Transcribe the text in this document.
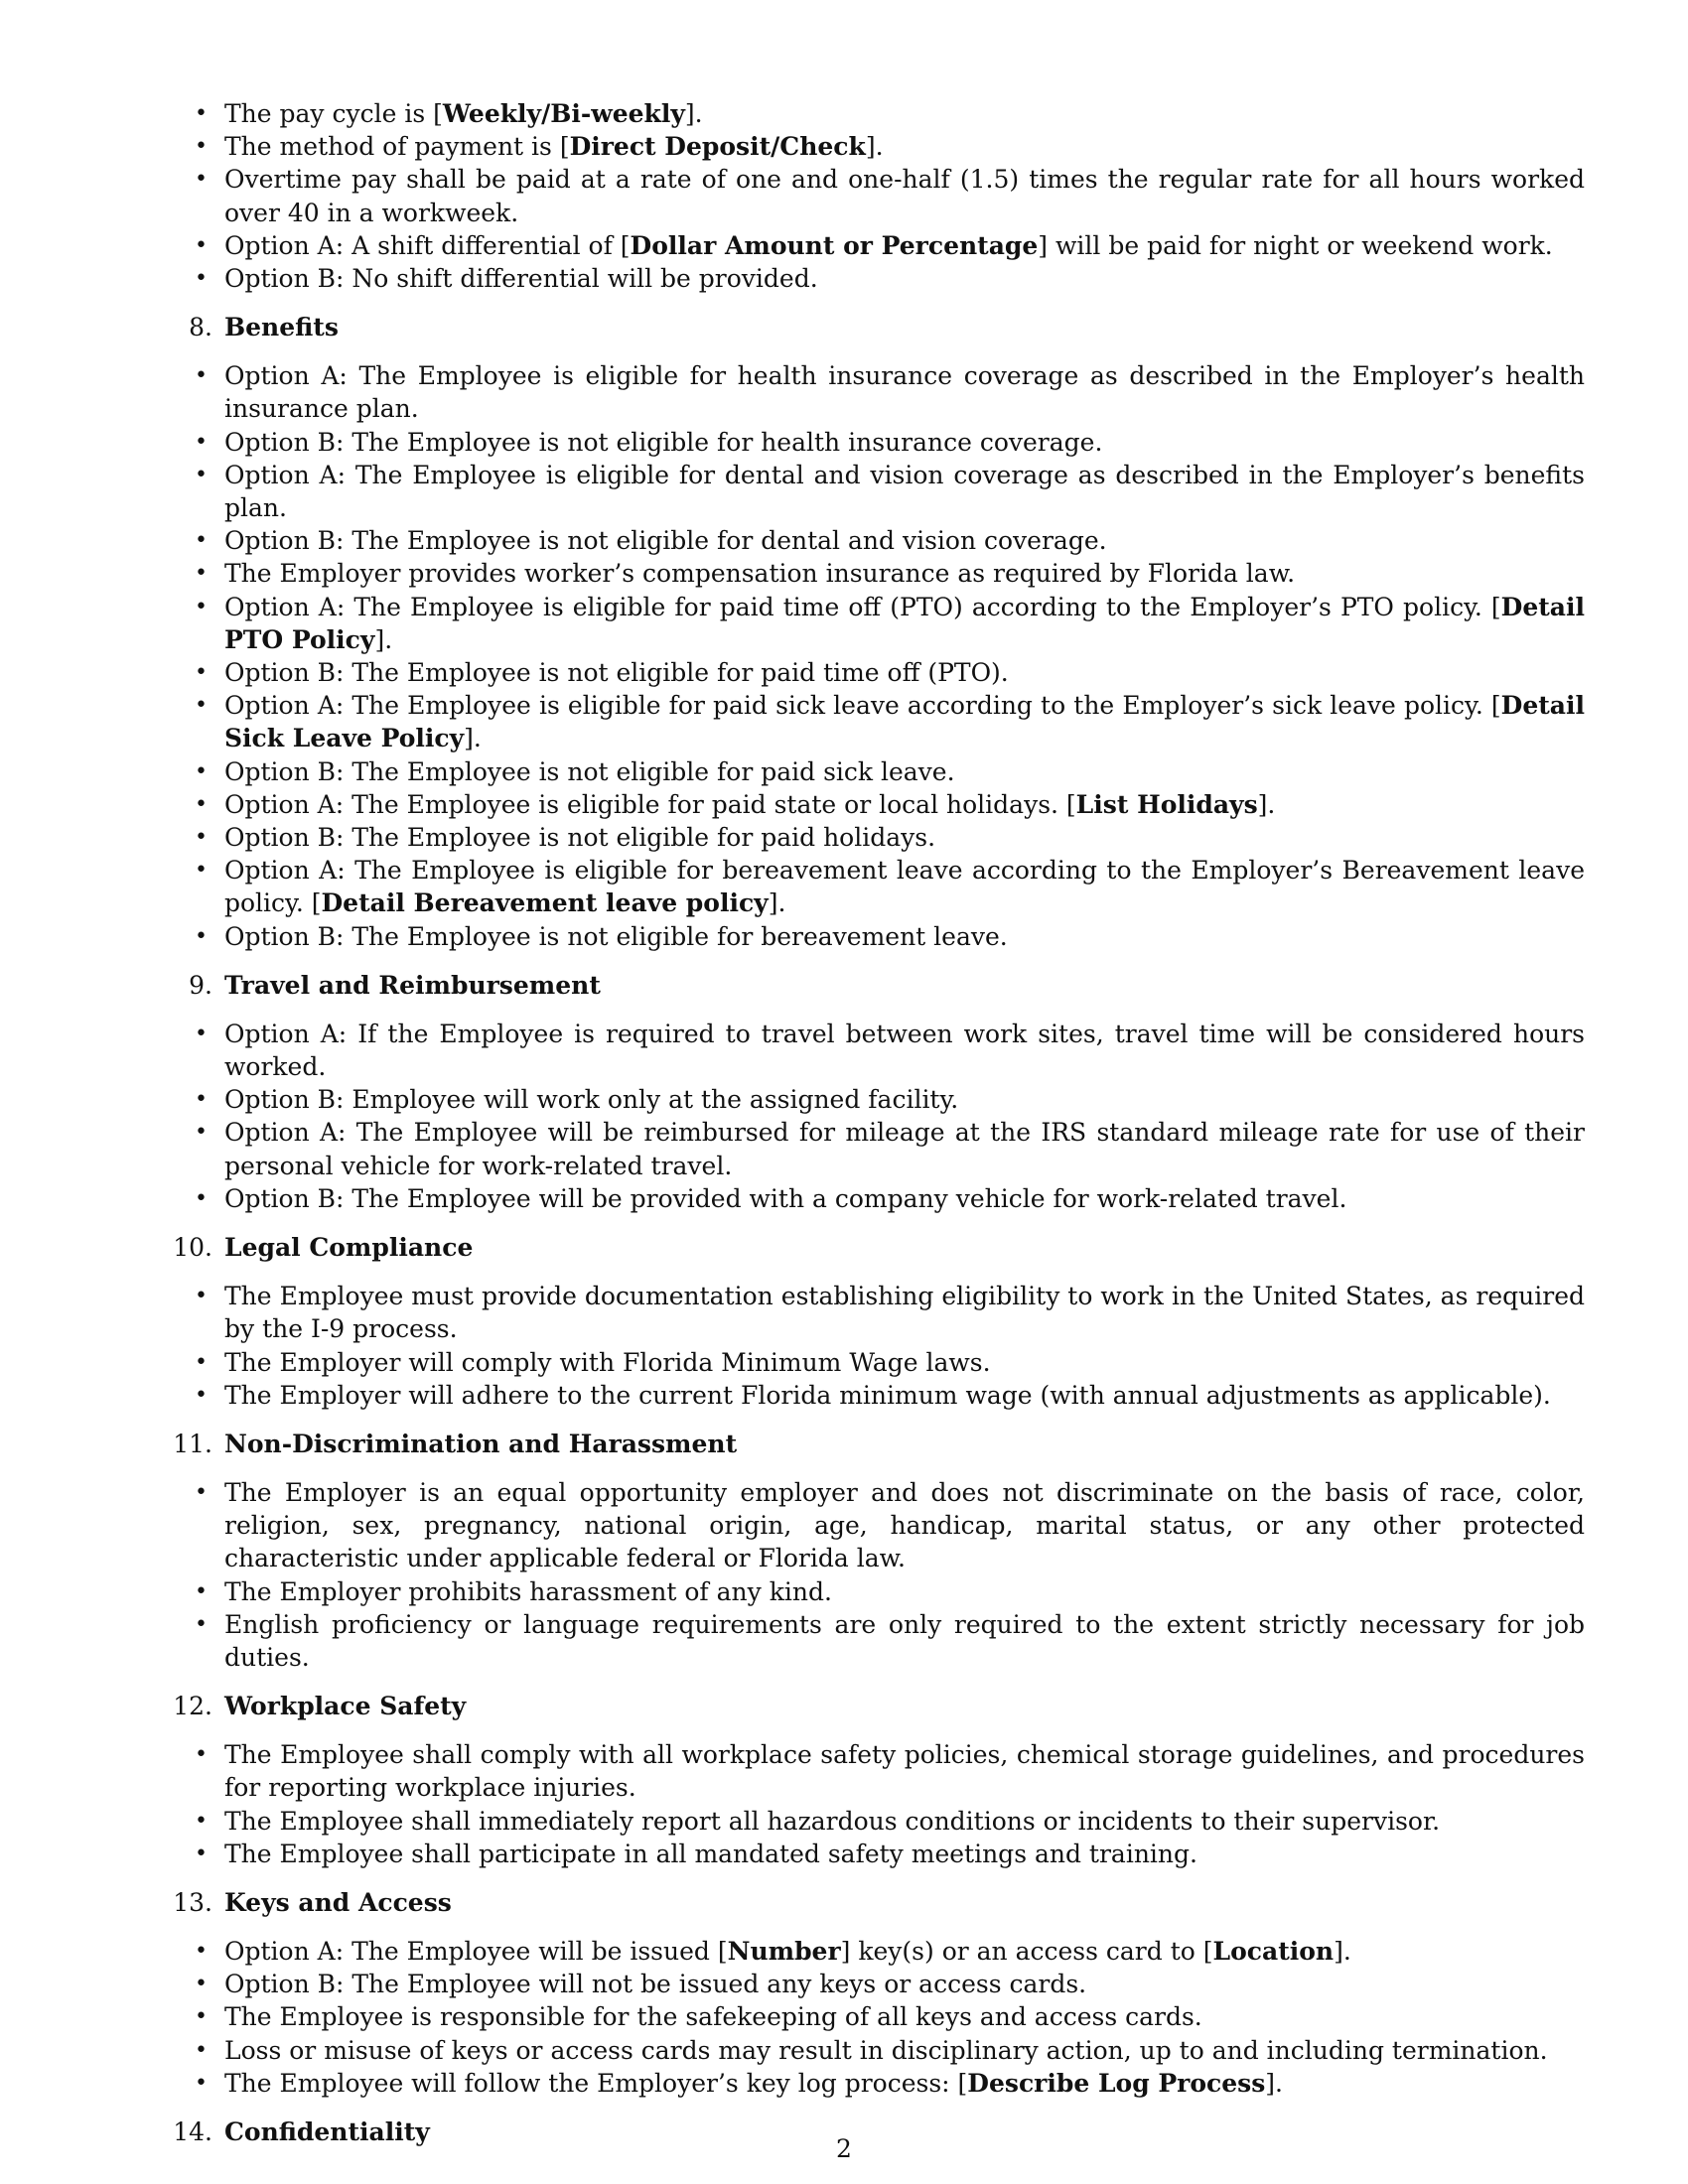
• The pay cycle is [Weekly/Bi-weekly].
• The method of payment is [Direct Deposit/Check].
• Overtime pay shall be paid at a rate of one and one-half (1.5) times the regular rate for all hours worked over 40 in a workweek.
• Option A: A shift differential of [Dollar Amount or Percentage] will be paid for night or weekend work.
• Option B: No shift differential will be provided.
8. Benefits
• Option A: The Employee is eligible for health insurance coverage as described in the Employer’s health insurance plan.
• Option B: The Employee is not eligible for health insurance coverage.
• Option A: The Employee is eligible for dental and vision coverage as described in the Employer’s benefits plan.
• Option B: The Employee is not eligible for dental and vision coverage.
• The Employer provides worker’s compensation insurance as required by Florida law.
• Option A: The Employee is eligible for paid time off (PTO) according to the Employer’s PTO policy. [Detail PTO Policy].
• Option B: The Employee is not eligible for paid time off (PTO).
• Option A: The Employee is eligible for paid sick leave according to the Employer’s sick leave policy. [Detail Sick Leave Policy].
• Option B: The Employee is not eligible for paid sick leave.
• Option A: The Employee is eligible for paid state or local holidays. [List Holidays].
• Option B: The Employee is not eligible for paid holidays.
• Option A: The Employee is eligible for bereavement leave according to the Employer’s Bereavement leave policy. [Detail Bereavement leave policy].
• Option B: The Employee is not eligible for bereavement leave.
9. Travel and Reimbursement
• Option A: If the Employee is required to travel between work sites, travel time will be considered hours worked.
• Option B: Employee will work only at the assigned facility.
• Option A: The Employee will be reimbursed for mileage at the IRS standard mileage rate for use of their personal vehicle for work-related travel.
• Option B: The Employee will be provided with a company vehicle for work-related travel.
10. Legal Compliance
• The Employee must provide documentation establishing eligibility to work in the United States, as required by the I-9 process.
• The Employer will comply with Florida Minimum Wage laws.
• The Employer will adhere to the current Florida minimum wage (with annual adjustments as applicable).
11. Non-Discrimination and Harassment
• The Employer is an equal opportunity employer and does not discriminate on the basis of race, color, religion, sex, pregnancy, national origin, age, handicap, marital status, or any other protected characteristic under applicable federal or Florida law.
• The Employer prohibits harassment of any kind.
• English proficiency or language requirements are only required to the extent strictly necessary for job duties.
12. Workplace Safety
• The Employee shall comply with all workplace safety policies, chemical storage guidelines, and procedures for reporting workplace injuries.
• The Employee shall immediately report all hazardous conditions or incidents to their supervisor.
• The Employee shall participate in all mandated safety meetings and training.
13. Keys and Access
• Option A: The Employee will be issued [Number] key(s) or an access card to [Location].
• Option B: The Employee will not be issued any keys or access cards.
• The Employee is responsible for the safekeeping of all keys and access cards.
• Loss or misuse of keys or access cards may result in disciplinary action, up to and including termination.
• The Employee will follow the Employer’s key log process: [Describe Log Process].
14. Confidentiality
2
